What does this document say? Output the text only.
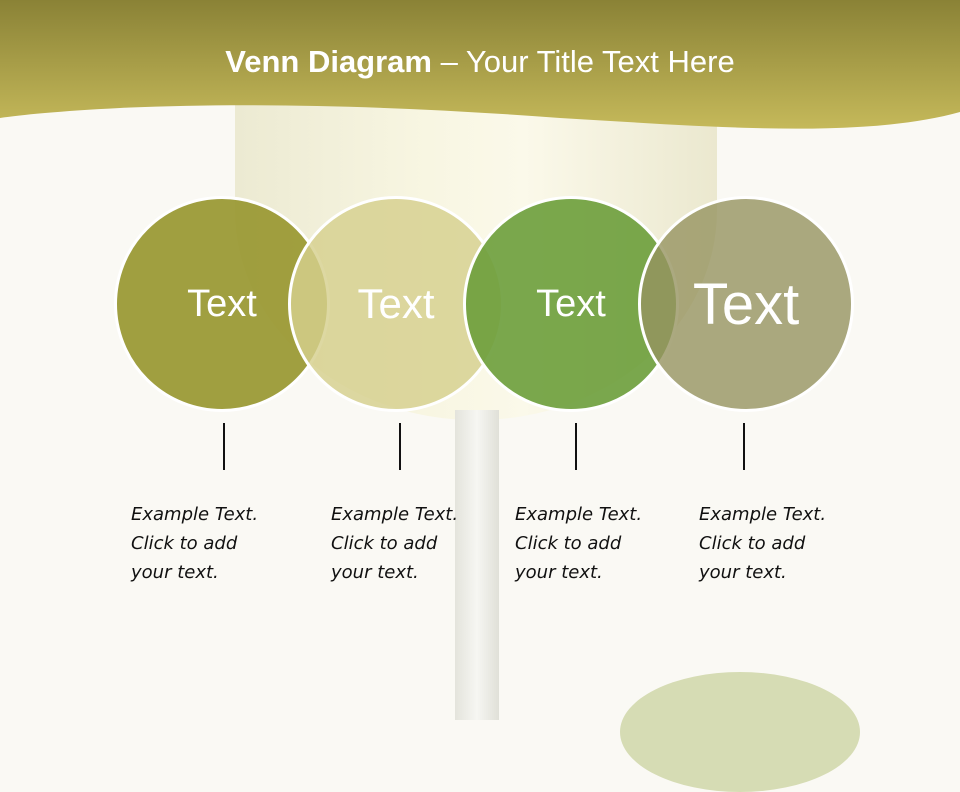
Venn Diagram – Your Title Text Here
Text Text	Text Text
Example Text.
Click to add
your text.
Example Text.
Click to add
your text.
Example Text.
Click to add
your text.
Example Text.
Click to add
your text.
